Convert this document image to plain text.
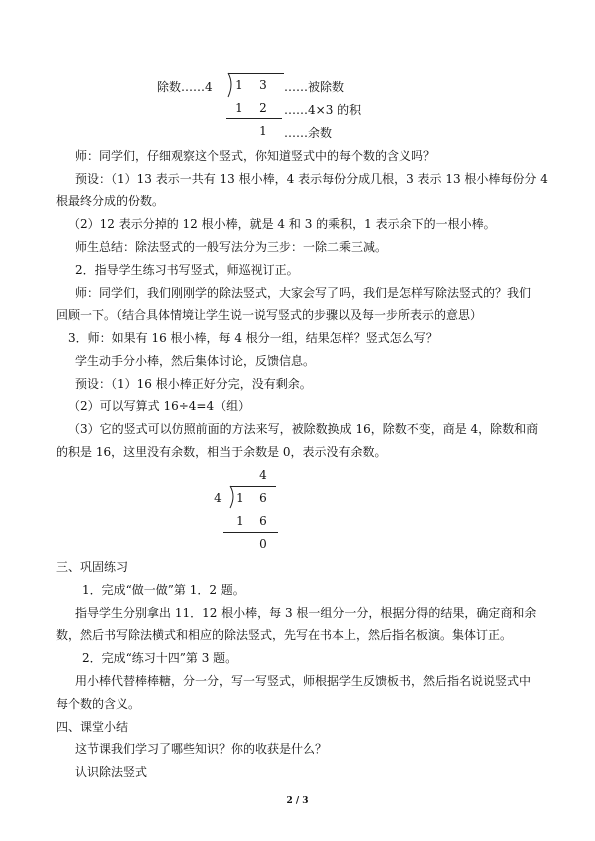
除数……4	1	3	……被除数
1	2	……4×3 的积
1	……余数
师：同学们，仔细观察这个竖式，你知道竖式中的每个数的含义吗？
预设：（1）13 表示一共有 13 根小棒，4 表示每份分成几根，3 表示 13 根小棒每份分 4
根最终分成的份数。
（2）12 表示分掉的 12 根小棒，就是 4 和 3 的乘积，1 表示余下的一根小棒。
师生总结：除法竖式的一般写法分为三步：一除二乘三减。
2．指导学生练习书写竖式，师巡视订正。
师：同学们，我们刚刚学的除法竖式，大家会写了吗，我们是怎样写除法竖式的？我们
回顾一下。（结合具体情境让学生说一说写竖式的步骤以及每一步所表示的意思）
3．师：如果有 16 根小棒，每 4 根分一组，结果怎样？竖式怎么写？
学生动手分小棒，然后集体讨论，反馈信息。
预设：（1）16 根小棒正好分完，没有剩余。
（2）可以写算式 16÷4=4（组）
（3）它的竖式可以仿照前面的方法来写，被除数换成 16，除数不变，商是 4，除数和商
的积是 16，这里没有余数，相当于余数是 0，表示没有余数。
4
4	1	6
1	6
0
三、巩固练习
1．完成“做一做”第 1．2 题。
指导学生分别拿出 11．12 根小棒，每 3 根一组分一分，根据分得的结果，确定商和余
数，然后书写除法横式和相应的除法竖式，先写在书本上，然后指名板演。集体订正。
2．完成“练习十四”第 3 题。
用小棒代替棒棒糖，分一分，写一写竖式，师根据学生反馈板书，然后指名说说竖式中
每个数的含义。
四、课堂小结
这节课我们学习了哪些知识？你的收获是什么？
认识除法竖式
2 / 3
